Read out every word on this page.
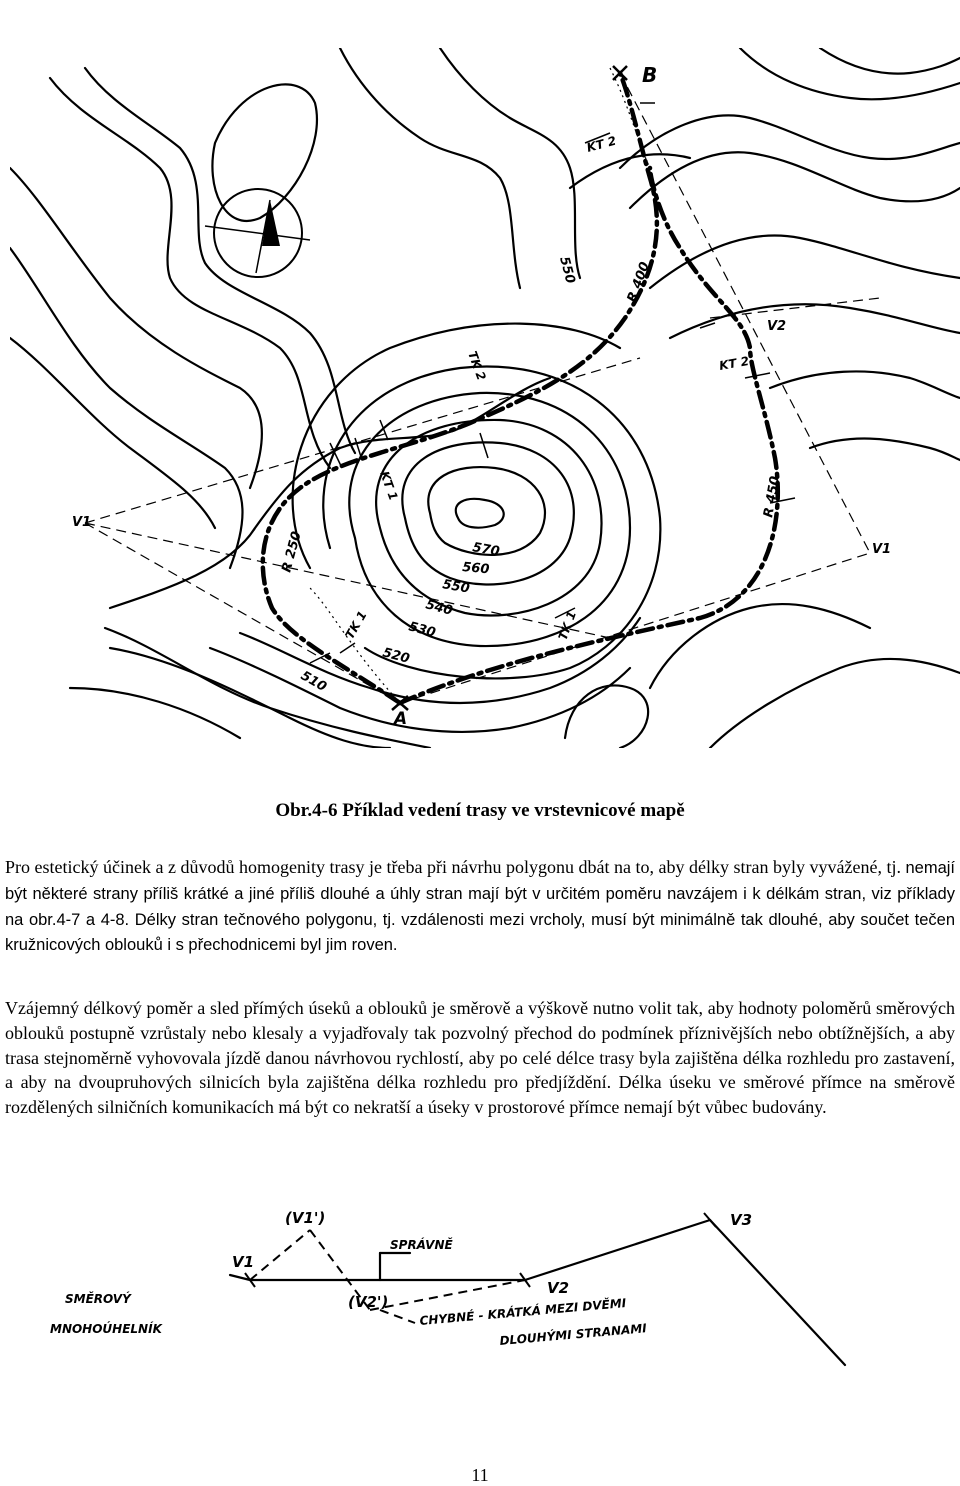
550
570
560
550
540
530
520
510
R 400
R 250
R 450
KT 2
KT 2
TK 2
KT 1
TK 1	TK 1
V1
V2
V1
A
B
Obr.4-6 Příklad vedení trasy ve vrstevnicové mapě

Pro estetický účinek a z důvodů homogenity trasy je třeba při návrhu polygonu dbát na to, aby délky stran byly vyvážené, tj. nemají být některé strany příliš krátké a jiné příliš dlouhé a úhly stran mají být v určitém poměru navzájem i k délkám stran, viz příklady na obr.4-7 a 4-8. Délky stran tečnového polygonu, tj. vzdálenosti mezi vrcholy, musí být minimálně tak dlouhé, aby součet tečen kružnicových oblouků i s přechodnicemi byl jim roven.

Vzájemný délkový poměr a sled přímých úseků a oblouků je směrově a výškově nutno volit tak, aby hodnoty poloměrů směrových oblouků postupně vzrůstaly nebo klesaly a vyjadřovaly tak pozvolný přechod do podmínek příznivějších nebo obtížnějších, a aby trasa stejnoměrně vyhovovala jízdě danou návrhovou rychlostí, aby po celé délce trasy byla zajištěna délka rozhledu pro zastavení, a aby na dvoupruhových silnicích byla zajištěna délka rozhledu pro předjíždění. Délka úseku ve směrové přímce na směrově rozdělených silničních komunikacích má být co nekratší a úseky v prostorové přímce nemají být vůbec budovány.

(V1')
V1
(V2')
V2
V3
SPRÁVNĚ
CHYBNÉ - KRÁTKÁ MEZI DVĚMI
DLOUHÝMI STRANAMI
SMĚROVÝ
MNOHOÚHELNÍK
11
